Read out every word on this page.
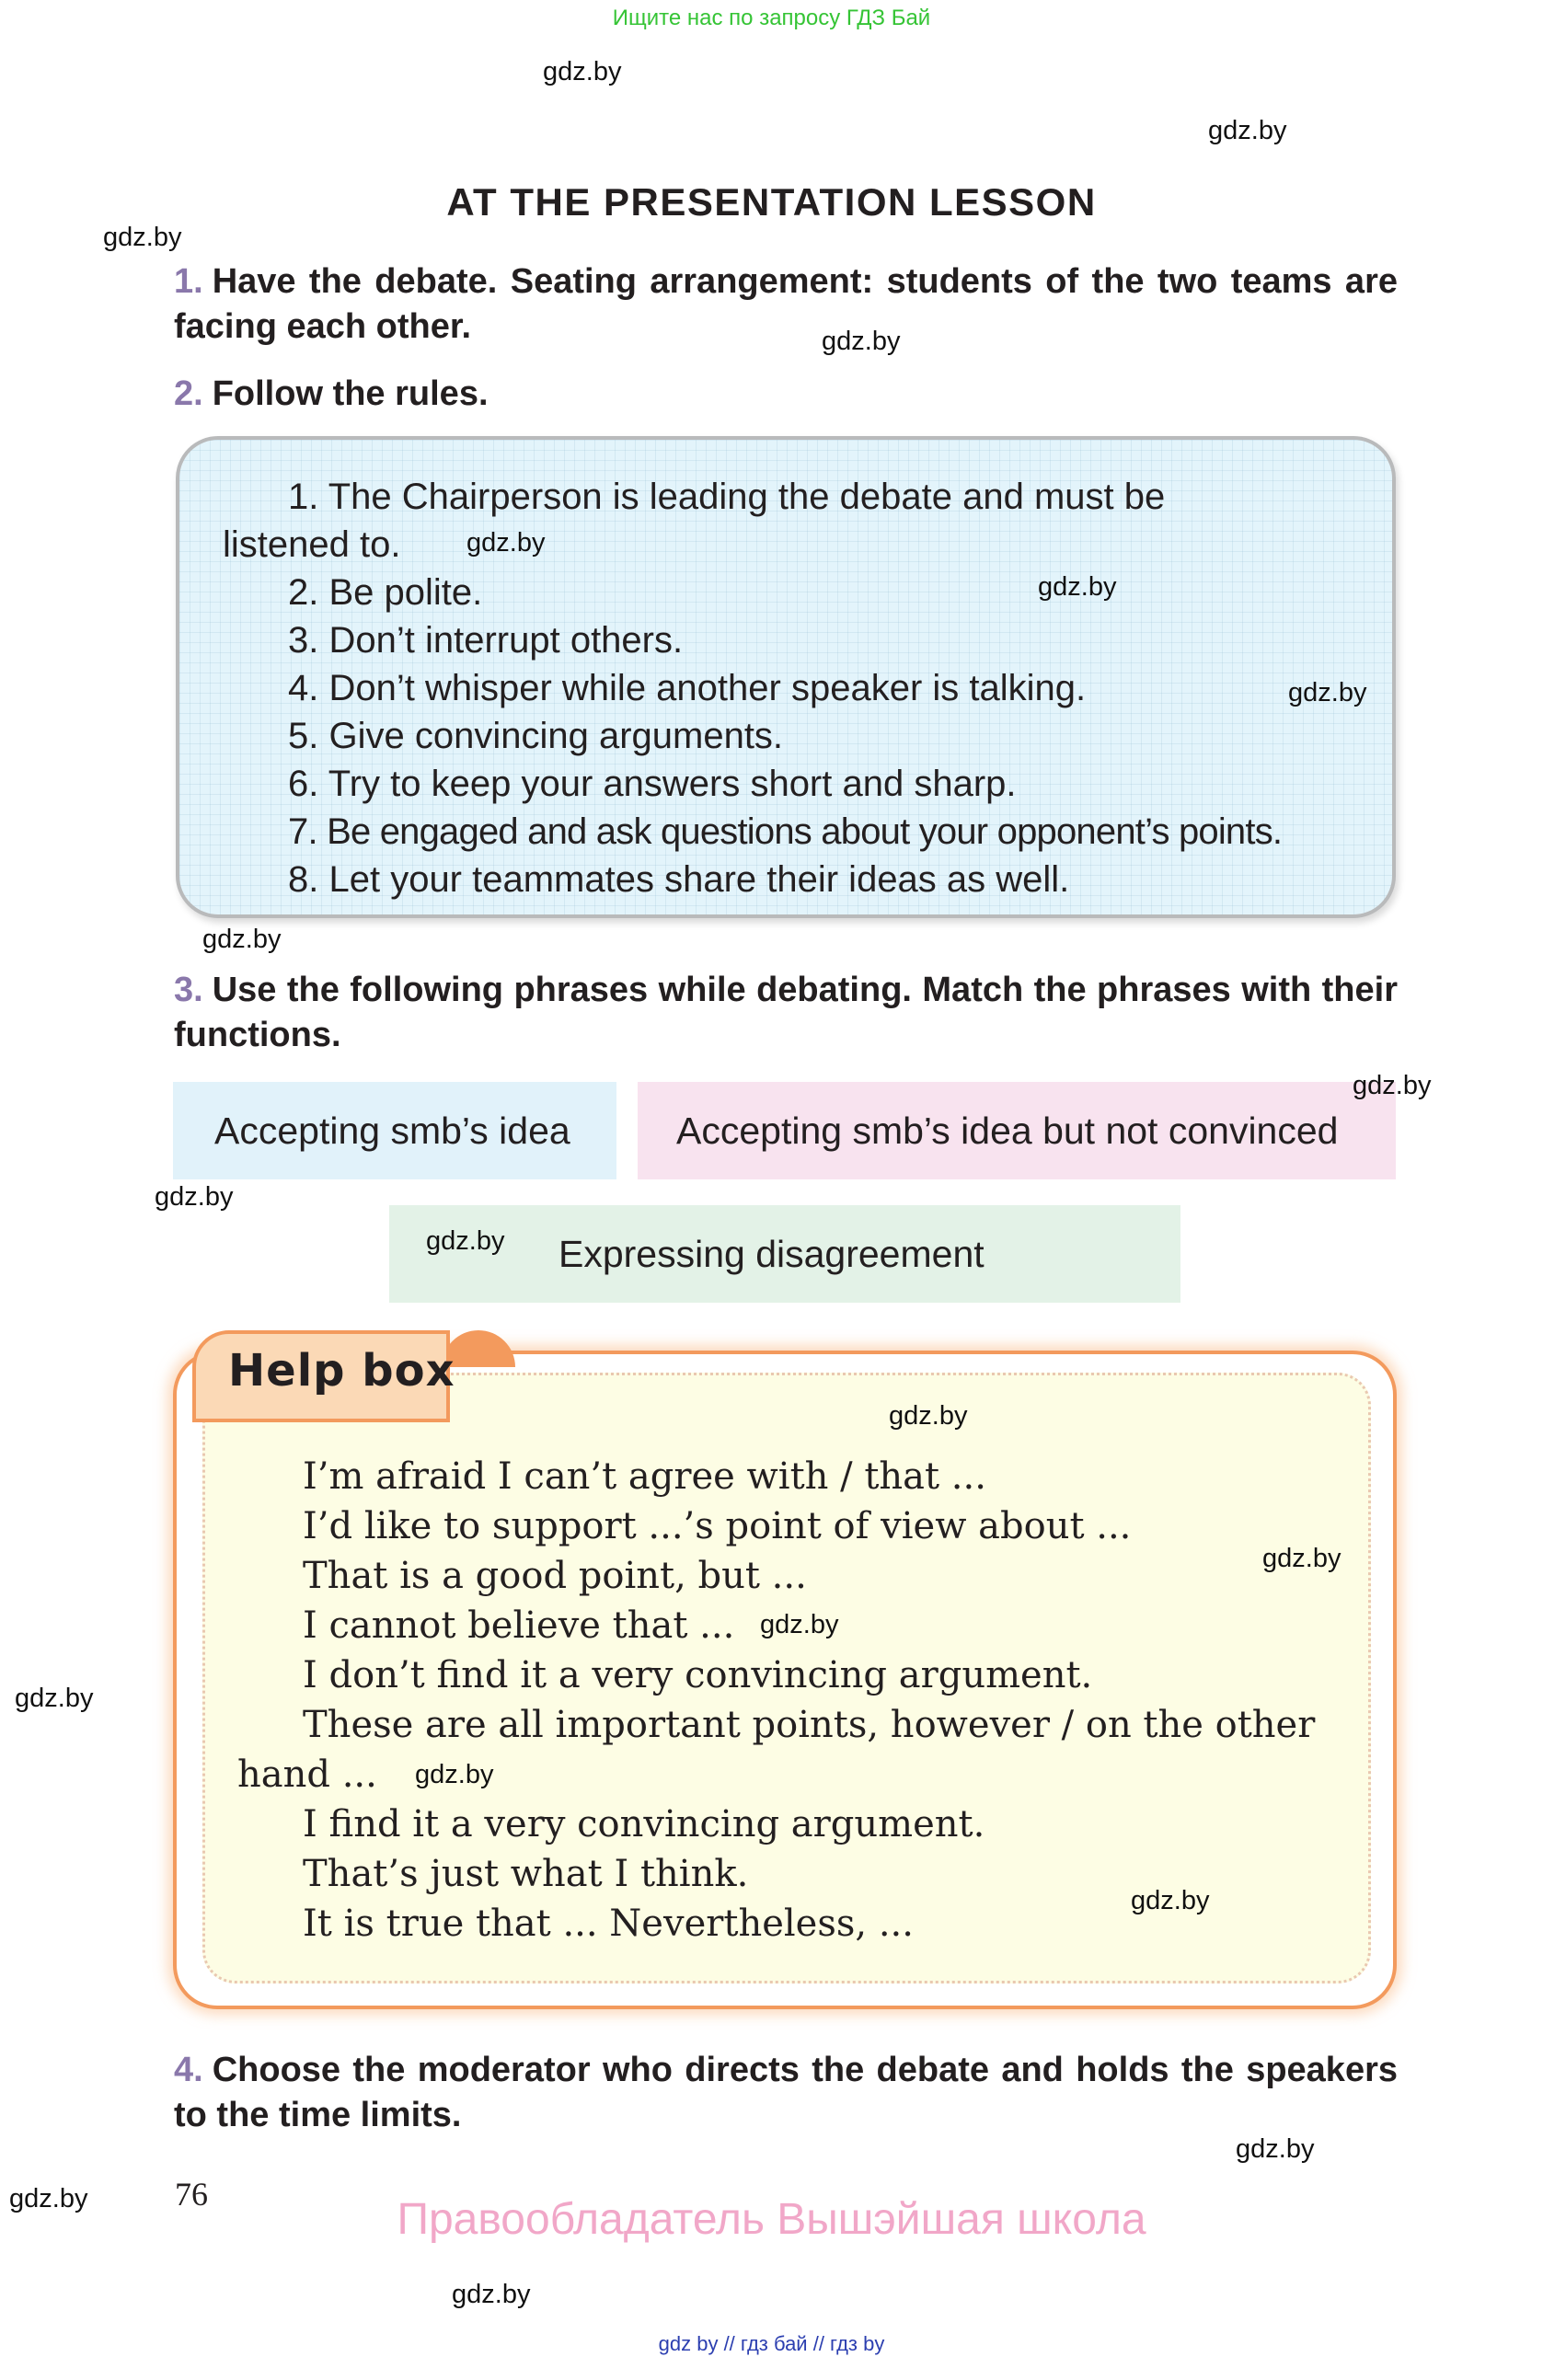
Ищите нас по запросу ГДЗ Бай
gdz.by
gdz.by
gdz.by
gdz.by
AT THE PRESENTATION LESSON
1. Have the debate. Seating arrangement: students of the two teams are facing each other.
2. Follow the rules.
1. The Chairperson is leading the debate and must be
listened to.
2. Be polite.
3. Don’t interrupt others.
4. Don’t whisper while another speaker is talking.
5. Give convincing arguments.
6. Try to keep your answers short and sharp.
7. Be engaged and ask questions about your opponent’s points.
8. Let your teammates share their ideas as well.
gdz.by
gdz.by
gdz.by
gdz.by
3. Use the following phrases while debating. Match the phrases with their functions.
Accepting smb’s idea	Accepting smb’s idea but not convinced
Expressing disagreement
gdz.by
gdz.by
gdz.by
Help box
I’m afraid I can’t agree with / that ...
I’d like to support ...’s point of view about ...
That is a good point, but ...
I cannot believe that ...
I don’t find it a very convincing argument.
These are all important points, however / on the other
hand ...
I find it a very convincing argument.
That’s just what I think.
It is true that ... Nevertheless, ...
gdz.by
gdz.by
gdz.by
gdz.by
gdz.by
gdz.by
4. Choose the moderator who directs the debate and holds the speakers to the time limits.
gdz.by
gdz.by	76
Правообладатель Вышэйшая школа
gdz.by
gdz by // гдз бай // гдз by
